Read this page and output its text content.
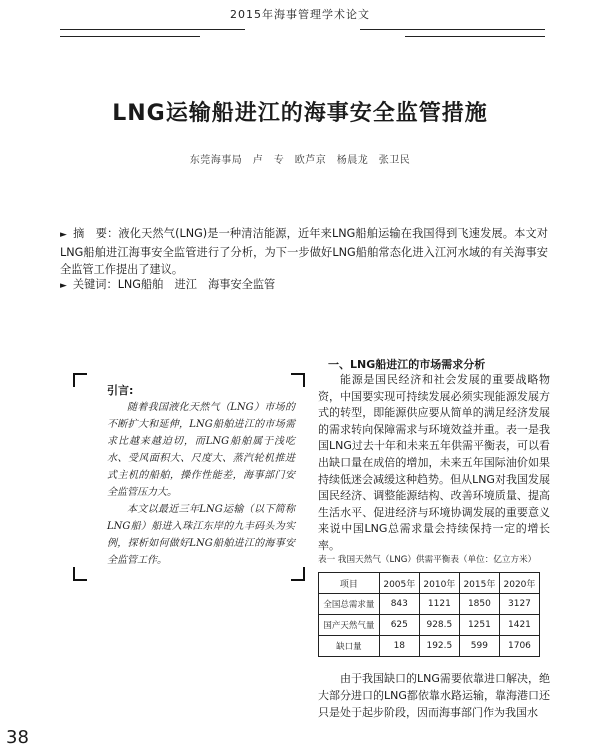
2015年海事管理学术论文
LNG运输船进江的海事安全监管措施
东莞海事局　卢　专　欧芦京　杨晨龙　张卫民
► 摘　要：液化天然气(LNG)是一种清洁能源，近年来LNG船舶运输在我国得到飞速发展。本文对LNG船舶进江海事安全监管进行了分析，为下一步做好LNG船舶常态化进入江河水域的有关海事安全监管工作提出了建议。
► 关键词：LNG船舶　进江　海事安全监管
引言:

随着我国液化天然气（LNG）市场的不断扩大和延伸，LNG船舶进江的市场需求比越来越迫切，而LNG船舶属于浅吃水、受风面积大、尺度大、蒸汽轮机推进式主机的船舶，操作性能差，海事部门安全监管压力大。

本文以最近三年LNG运输（以下简称LNG船）船进入珠江东岸的九丰码头为实例，探析如何做好LNG船舶进江的海事安全监管工作。

一、LNG船进江的市场需求分析

能源是国民经济和社会发展的重要战略物资，中国要实现可持续发展必须实现能源发展方式的转型，即能源供应要从简单的满足经济发展的需求转向保障需求与环境效益并重。表一是我国LNG过去十年和未来五年供需平衡表，可以看出缺口量在成倍的增加，未来五年国际油价如果持续低迷会减缓这种趋势。但从LNG对我国发展国民经济、调整能源结构、改善环境质量、提高生活水平、促进经济与环境协调发展的重要意义来说中国LNG总需求量会持续保持一定的增长率。

表一 我国天然气（LNG）供需平衡表（单位：亿立方米）
项目	2005年	2010年	2015年	2020年
全国总需求量	843	1121	1850	3127
国产天然气量	625	928.5	1251	1421
缺口量	18	192.5	599	1706

由于我国缺口的LNG需要依靠进口解决，绝大部分进口的LNG都依靠水路运输，靠海港口还只是处于起步阶段，因而海事部门作为我国水

38
